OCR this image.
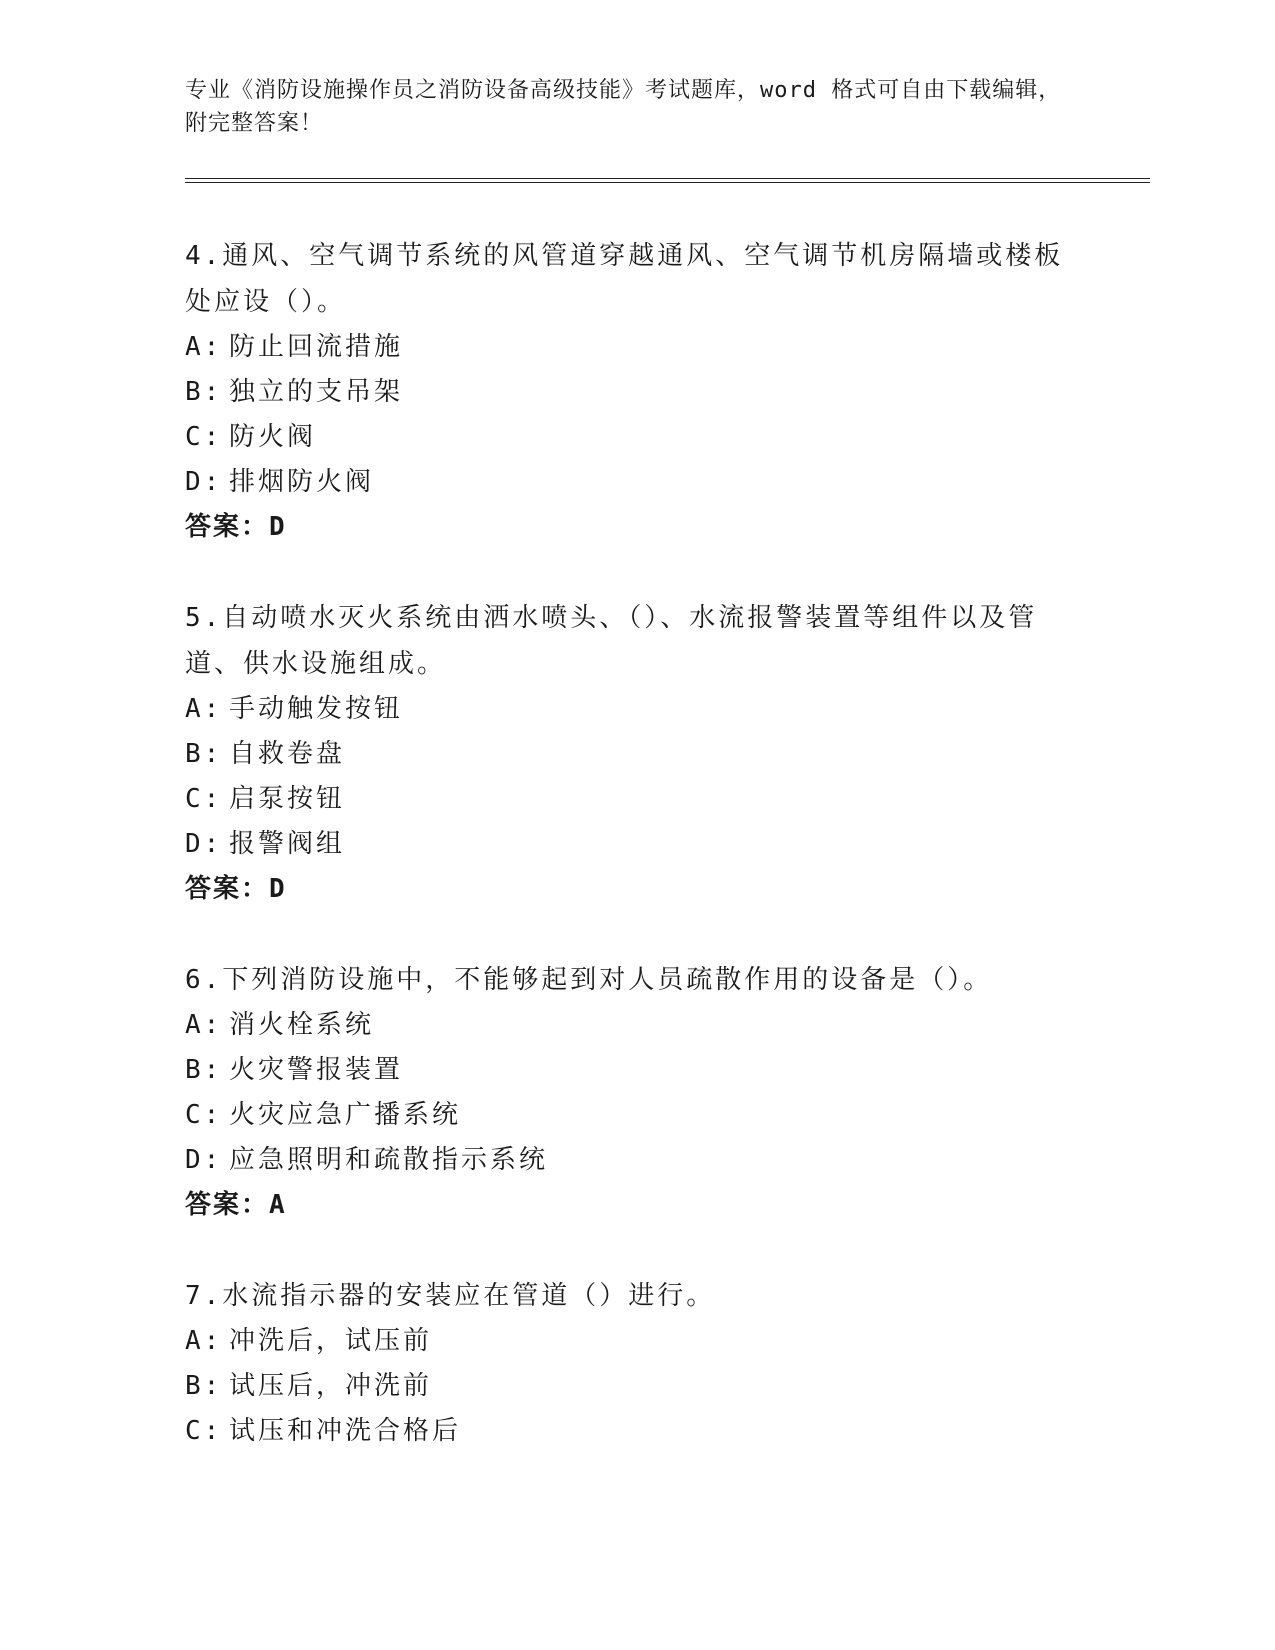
专业《消防设施操作员之消防设备高级技能》考试题库，word 格式可自由下载编辑，附完整答案！

4.通风、空气调节系统的风管道穿越通风、空气调节机房隔墙或楼板处应设（）。

A: 防止回流措施

B: 独立的支吊架

C: 防火阀

D: 排烟防火阀

答案：D

5.自动喷水灭火系统由洒水喷头、（）、水流报警装置等组件以及管道、供水设施组成。

A: 手动触发按钮

B: 自救卷盘

C: 启泵按钮

D: 报警阀组

答案：D

6.下列消防设施中，不能够起到对人员疏散作用的设备是（）。

A: 消火栓系统

B: 火灾警报装置

C: 火灾应急广播系统

D: 应急照明和疏散指示系统

答案：A

7.水流指示器的安装应在管道（）进行。

A: 冲洗后，试压前

B: 试压后，冲洗前

C: 试压和冲洗合格后
